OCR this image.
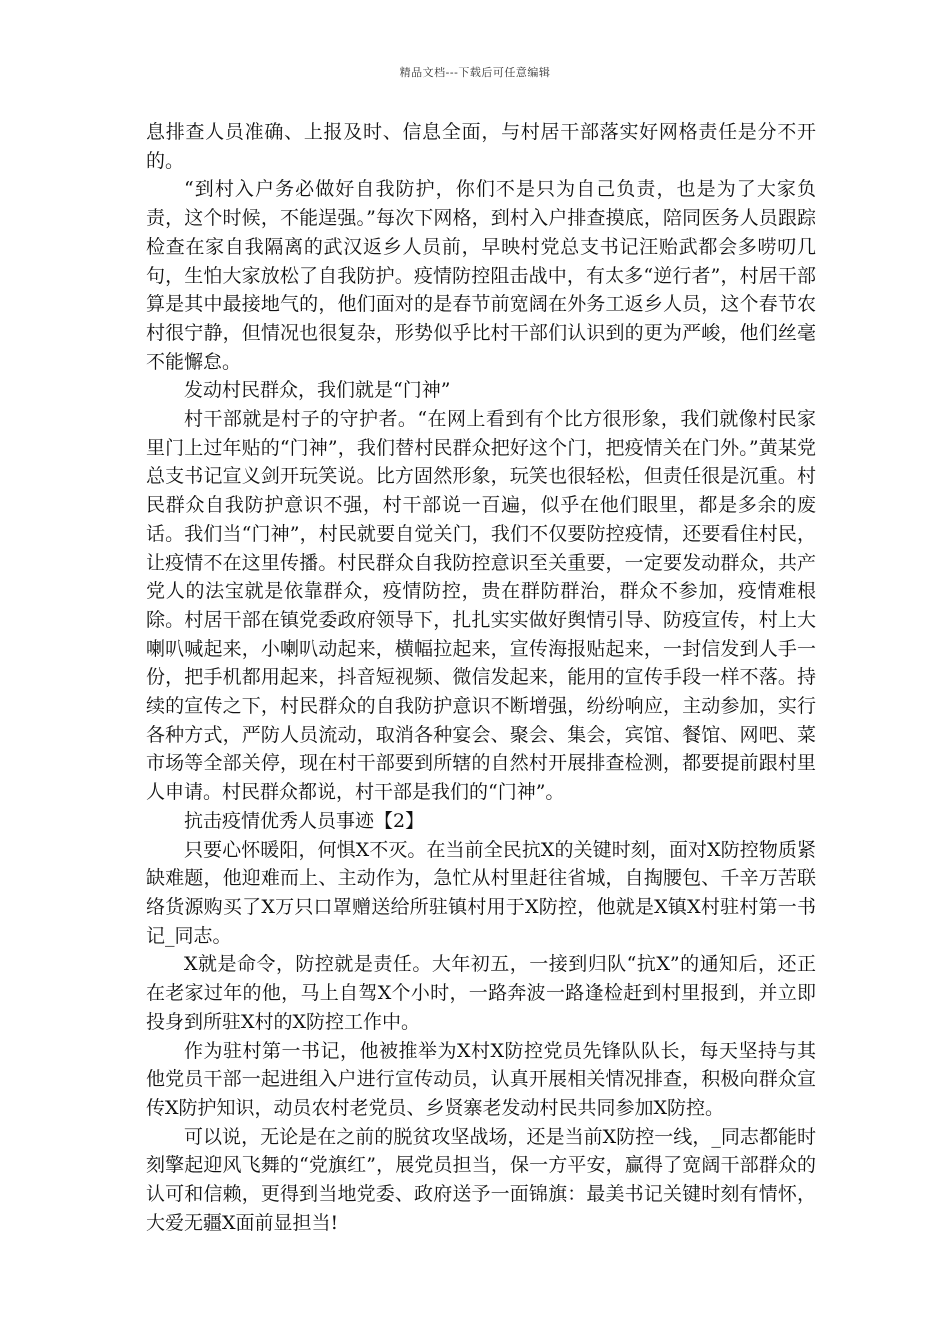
精品文档---下载后可任意编辑

息排查人员准确、上报及时、信息全面，与村居干部落实好网格责任是分不开的。

“到村入户务必做好自我防护，你们不是只为自己负责，也是为了大家负责，这个时候，不能逞强。”每次下网格，到村入户排查摸底，陪同医务人员跟踪检查在家自我隔离的武汉返乡人员前，早映村党总支书记汪贻武都会多唠叨几句，生怕大家放松了自我防护。疫情防控阻击战中，有太多“逆行者”，村居干部算是其中最接地气的，他们面对的是春节前宽阔在外务工返乡人员，这个春节农村很宁静，但情况也很复杂，形势似乎比村干部们认识到的更为严峻，他们丝毫不能懈怠。

发动村民群众，我们就是“门神”

村干部就是村子的守护者。“在网上看到有个比方很形象，我们就像村民家里门上过年贴的“门神”，我们替村民群众把好这个门，把疫情关在门外。”黄某党总支书记宣义剑开玩笑说。比方固然形象，玩笑也很轻松，但责任很是沉重。村民群众自我防护意识不强，村干部说一百遍，似乎在他们眼里，都是多余的废话。我们当“门神”，村民就要自觉关门，我们不仅要防控疫情，还要看住村民，让疫情不在这里传播。村民群众自我防控意识至关重要，一定要发动群众，共产党人的法宝就是依靠群众，疫情防控，贵在群防群治，群众不参加，疫情难根除。村居干部在镇党委政府领导下，扎扎实实做好舆情引导、防疫宣传，村上大喇叭喊起来，小喇叭动起来，横幅拉起来，宣传海报贴起来，一封信发到人手一份，把手机都用起来，抖音短视频、微信发起来，能用的宣传手段一样不落。持续的宣传之下，村民群众的自我防护意识不断增强，纷纷响应，主动参加，实行各种方式，严防人员流动，取消各种宴会、聚会、集会，宾馆、餐馆、网吧、菜市场等全部关停，现在村干部要到所辖的自然村开展排查检测，都要提前跟村里人申请。村民群众都说，村干部是我们的“门神”。

抗击疫情优秀人员事迹【2】

只要心怀暖阳，何惧X不灭。在当前全民抗X的关键时刻，面对X防控物质紧缺难题，他迎难而上、主动作为，急忙从村里赶往省城，自掏腰包、千辛万苦联络货源购买了X万只口罩赠送给所驻镇村用于X防控，他就是X镇X村驻村第一书记_同志。

X就是命令，防控就是责任。大年初五，一接到归队“抗X”的通知后，还正在老家过年的他，马上自驾X个小时，一路奔波一路逢检赶到村里报到，并立即投身到所驻X村的X防控工作中。

作为驻村第一书记，他被推举为X村X防控党员先锋队队长，每天坚持与其他党员干部一起进组入户进行宣传动员，认真开展相关情况排查，积极向群众宣传X防护知识，动员农村老党员、乡贤寨老发动村民共同参加X防控。

可以说，无论是在之前的脱贫攻坚战场，还是当前X防控一线，_同志都能时刻擎起迎风飞舞的“党旗红”，展党员担当，保一方平安，赢得了宽阔干部群众的认可和信赖，更得到当地党委、政府送予一面锦旗：最美书记关键时刻有情怀，大爱无疆X面前显担当!
